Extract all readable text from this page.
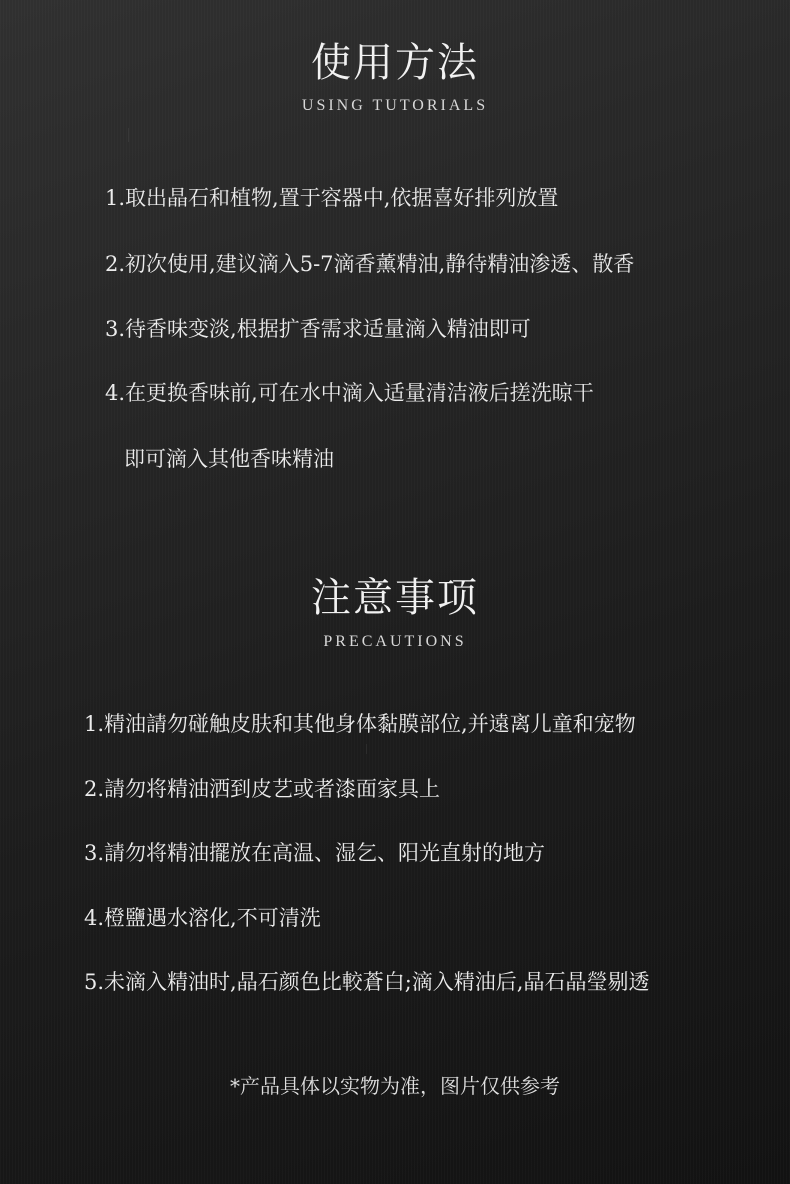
使用方法
USING TUTORIALS

1.取出晶石和植物,置于容器中,依据喜好排列放置

2.初次使用,建议滴入5-7滴香薰精油,静待精油渗透、散香

3.待香味变淡,根据扩香需求适量滴入精油即可

4.在更换香味前,可在水中滴入适量清洁液后搓洗晾干

即可滴入其他香味精油

注意事项
PRECAUTIONS

1.精油請勿碰触皮肤和其他身体黏膜部位,并遠离儿童和宠物

2.請勿将精油洒到皮艺或者漆面家具上

3.請勿将精油擺放在高温、湿乞、阳光直射的地方

4.橙鹽遇水溶化,不可清洗

5.未滴入精油时,晶石颜色比較蒼白;滴入精油后,晶石晶瑩剔透

*产品具体以实物为准，图片仅供参考
